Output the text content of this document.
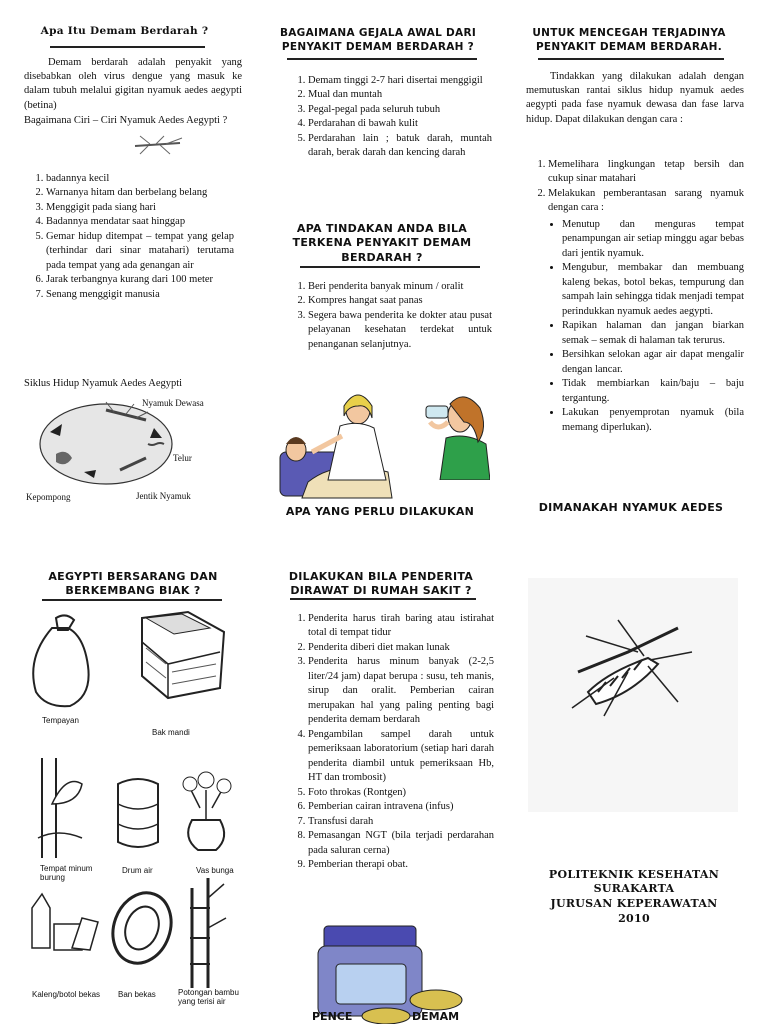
Apa Itu Demam Berdarah ?

Demam berdarah adalah penyakit yang disebabkan oleh virus dengue yang masuk ke dalam tubuh melalui gigitan nyamuk aedes aegypti (betina)

Bagaimana Ciri – Ciri Nyamuk Aedes Aegypti ?
1. badannya kecil
2. Warnanya hitam dan berbelang belang
3. Menggigit pada siang hari
4. Badannya mendatar saat hinggap
5. Gemar hidup ditempat – tempat yang gelap (terhindar dari sinar matahari) terutama pada tempat yang ada genangan air
6. Jarak terbangnya kurang dari 100 meter
7. Senang menggigit manusia
Siklus Hidup Nyamuk Aedes Aegypti
Nyamuk Dewasa
Telur
Kepompong	Jentik Nyamuk
BAGAIMANA GEJALA AWAL DARI PENYAKIT DEMAM BERDARAH ?
1. Demam tinggi 2-7 hari disertai menggigil
2. Mual dan muntah
3. Pegal-pegal pada seluruh tubuh
4. Perdarahan di bawah kulit
5. Perdarahan lain ; batuk darah, muntah darah, berak darah dan kencing darah
APA TINDAKAN ANDA BILA TERKENA PENYAKIT DEMAM BERDARAH ?
1. Beri penderita banyak minum / oralit
2. Kompres hangat saat panas
3. Segera bawa penderita ke dokter atau pusat pelayanan kesehatan terdekat untuk penanganan selanjutnya.
APA YANG PERLU DILAKUKAN
UNTUK MENCEGAH TERJADINYA PENYAKIT DEMAM BERDARAH.

Tindakkan yang dilakukan adalah dengan memutuskan rantai siklus hidup nyamuk aedes aegypti pada fase nyamuk dewasa dan fase larva hidup. Dapat dilakukan dengan cara :

1. Memelihara lingkungan tetap bersih dan cukup sinar matahari
2. Melakukan pemberantasan sarang nyamuk dengan cara :
• Menutup dan menguras tempat penampungan air setiap minggu agar bebas dari jentik nyamuk.
• Mengubur, membakar dan membuang kaleng bekas, botol bekas, tempurung dan sampah lain sehingga tidak menjadi tempat perindukkan nyamuk aedes aegypti.
• Rapikan halaman dan jangan biarkan semak – semak di halaman tak terurus.
• Bersihkan selokan agar air dapat mengalir dengan lancar.
• Tidak membiarkan kain/baju – baju tergantung.
• Lakukan penyemprotan nyamuk (bila memang diperlukan).
DIMANAKAH NYAMUK AEDES
AEGYPTI BERSARANG DAN BERKEMBANG BIAK ?
Tempayan
Bak mandi
Tempat minum burung
Drum air	Vas bunga
Kaleng/botol bekas Ban bekas	Potongan bambu yang terisi air
DILAKUKAN BILA PENDERITA DIRAWAT DI RUMAH SAKIT ?
1. Penderita harus tirah baring atau istirahat total di tempat tidur
2. Penderita diberi diet makan lunak
3. Penderita harus minum banyak (2-2,5 liter/24 jam) dapat berupa : susu, teh manis, sirup dan oralit. Pemberian cairan merupakan hal yang paling penting bagi penderita demam berdarah
4. Pengambilan sampel darah untuk pemeriksaan laboratorium (setiap hari darah penderita diambil untuk pemeriksaan Hb, HT dan trombosit)
5. Foto throkas (Rontgen)
6. Pemberian cairan intravena (infus)
7. Transfusi darah
8. Pemasangan NGT (bila terjadi perdarahan pada saluran cerna)
9. Pemberian therapi obat.
PENCE	DEMAM
POLITEKNIK KESEHATAN SURAKARTA
JURUSAN KEPERAWATAN
2010
